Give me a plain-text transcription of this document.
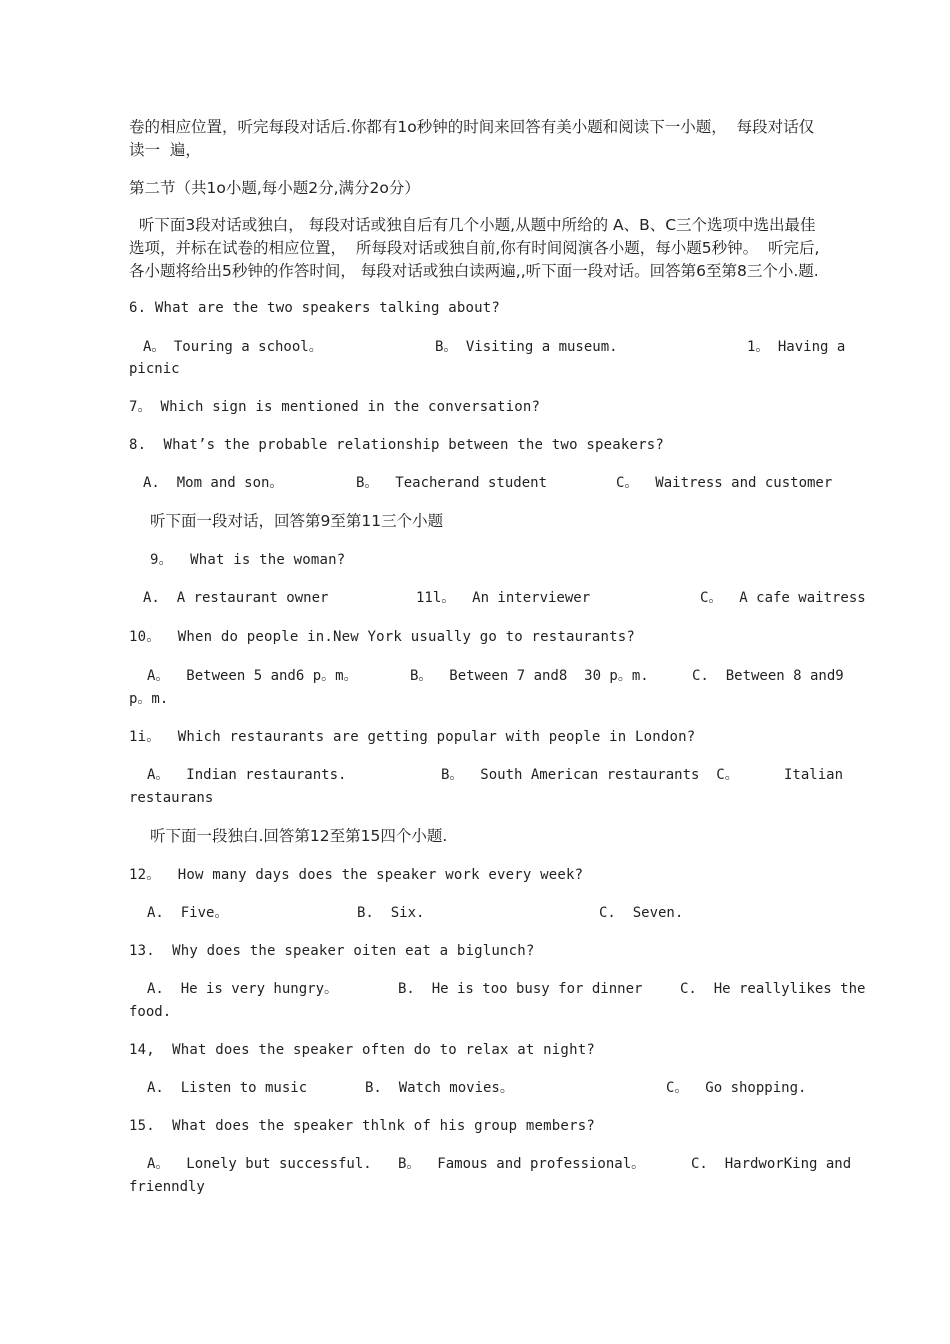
卷的相应位置，听完每段对话后.你都有1o秒钟的时间来回答有美小题和阅读下一小题，  每段对话仅
读一  遍，
第二节（共1o小题,每小题2分,满分2o分）
听下面3段对话或独白， 每段对话或独自后有几个小题,从题中所给的 A、B、C三个选项中选出最佳
选项，并标在试卷的相应位置，  所每段对话或独自前,你有时间阅演各小题，每小题5秒钟。  听完后,
各小题将给出5秒钟的作答时间， 每段对话或独白读两遍,,听下面一段对话。回答第6至第8三个小.题.
6. What are the two speakers talking about?
A。 Touring a school。	B。 Visiting a museum.	1。 Having a
picnic
7。 Which sign is mentioned in the conversation?
8.  What’s the probable relationship between the two speakers?
A.  Mom and son。	B。  Teacherand student	C。  Waitress and customer
听下面一段对话，回答第9至第11三个小题
9。  What is the woman?
A.  A restaurant owner	11l。  An interviewer	C。  A cafe waitress
10。  When do people in.New York usually go to restaurants?
A。  Between 5 and6 p。m。	B。  Between 7 and8  30 p。m.	C.  Between 8 and9
p。m.
1i。  Which restaurants are getting popular with people in London?
A。  Indian restaurants.	B。  South American restaurants  C。	Italian
restaurans
听下面一段独白.回答第12至第15四个小题.
12。  How many days does the speaker work every week?
A.  Five。	B.  Six.	C.  Seven.
13.  Why does the speaker oiten eat a biglunch?
A.  He is very hungry。	B.  He is too busy for dinner	C.  He reallylikes the
food.
14,  What does the speaker often do to relax at night?
A.  Listen to music	B.  Watch movies。	C。  Go shopping.
15.  What does the speaker thlnk of his group members?
A。  Lonely but successful. B。  Famous and professional。	C.  HardworKing and
frienndly
